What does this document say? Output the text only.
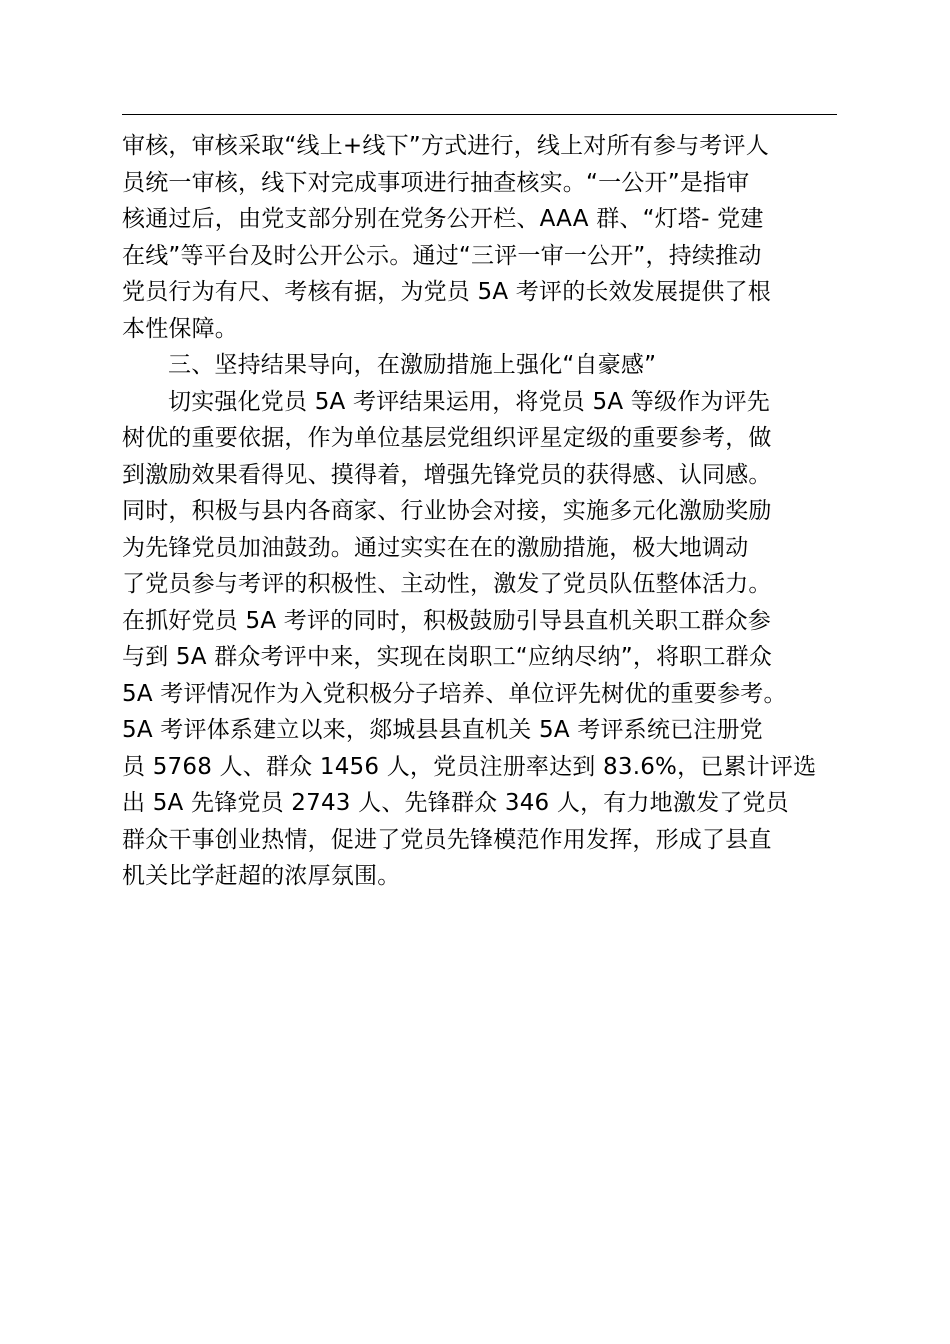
审核，审核采取“线上+线下”方式进行，线上对所有参与考评人
员统一审核，线下对完成事项进行抽查核实。“一公开”是指审
核通过后，由党支部分别在党务公开栏、AAA 群、“灯塔- 党建
在线”等平台及时公开公示。通过“三评一审一公开”，持续推动
党员行为有尺、考核有据，为党员 5A 考评的长效发展提供了根
本性保障。
三、坚持结果导向，在激励措施上强化“自豪感”
切实强化党员 5A 考评结果运用，将党员 5A 等级作为评先
树优的重要依据，作为单位基层党组织评星定级的重要参考，做
到激励效果看得见、摸得着，增强先锋党员的获得感、认同感。
同时，积极与县内各商家、行业协会对接，实施多元化激励奖励
为先锋党员加油鼓劲。通过实实在在的激励措施，极大地调动
了党员参与考评的积极性、主动性，激发了党员队伍整体活力。
在抓好党员 5A 考评的同时，积极鼓励引导县直机关职工群众参
与到 5A 群众考评中来，实现在岗职工“应纳尽纳”，将职工群众
5A 考评情况作为入党积极分子培养、单位评先树优的重要参考。
5A 考评体系建立以来，郯城县县直机关 5A 考评系统已注册党
员 5768 人、群众 1456 人，党员注册率达到 83.6%，已累计评选
出 5A 先锋党员 2743 人、先锋群众 346 人，有力地激发了党员
群众干事创业热情，促进了党员先锋模范作用发挥，形成了县直
机关比学赶超的浓厚氛围。
